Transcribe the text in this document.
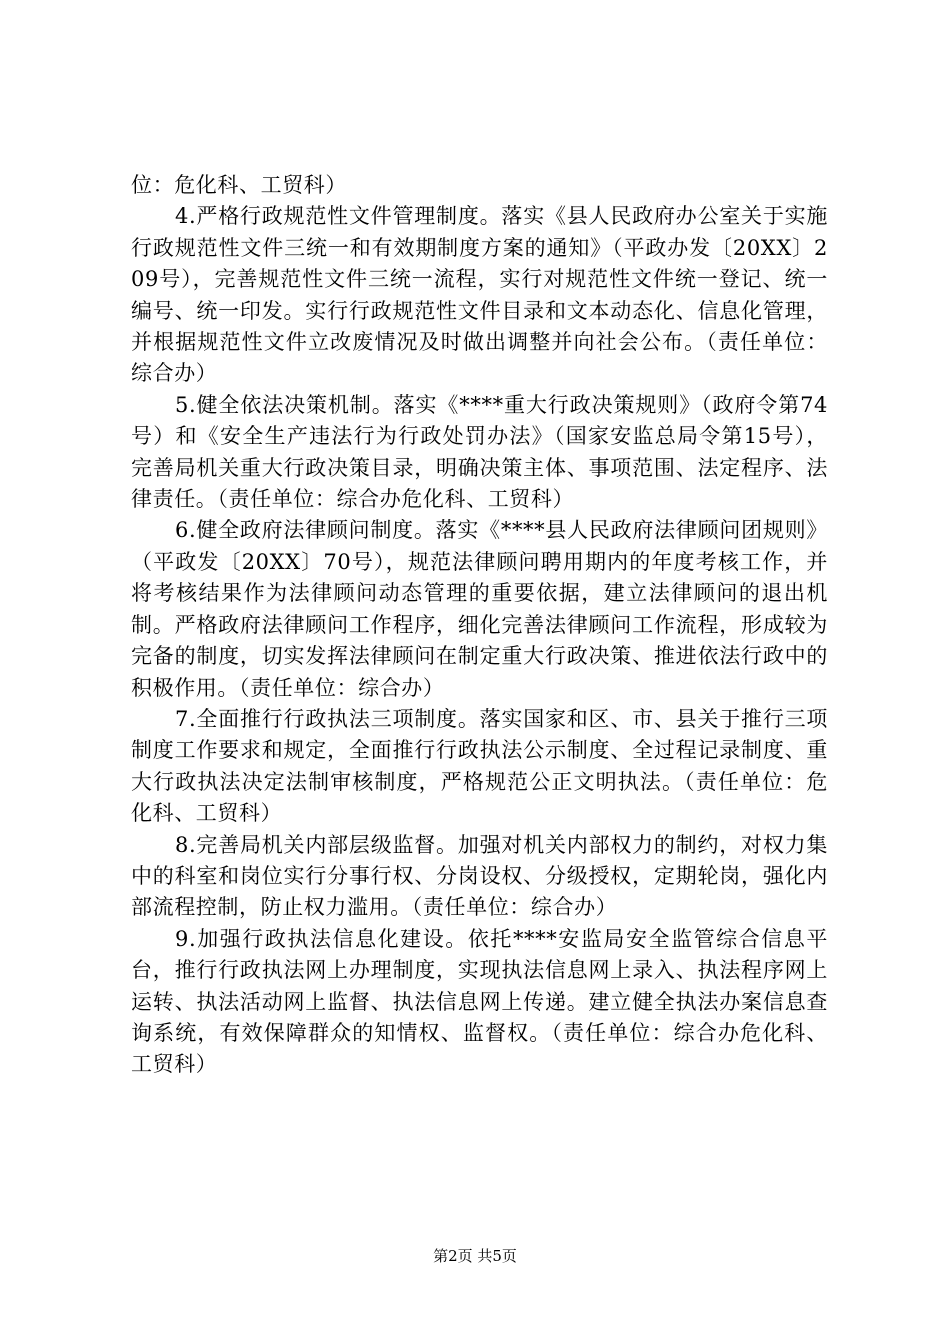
位：危化科、工贸科）

4.严格行政规范性文件管理制度。落实《县人民政府办公室关于实施行政规范性文件三统一和有效期制度方案的通知》（平政办发〔20XX〕209号），完善规范性文件三统一流程，实行对规范性文件统一登记、统一编号、统一印发。实行行政规范性文件目录和文本动态化、信息化管理，并根据规范性文件立改废情况及时做出调整并向社会公布。（责任单位：综合办）

5.健全依法决策机制。落实《****重大行政决策规则》（政府令第74号）和《安全生产违法行为行政处罚办法》（国家安监总局令第15号），完善局机关重大行政决策目录，明确决策主体、事项范围、法定程序、法律责任。（责任单位：综合办危化科、工贸科）

6.健全政府法律顾问制度。落实《****县人民政府法律顾问团规则》（平政发〔20XX〕70号），规范法律顾问聘用期内的年度考核工作，并将考核结果作为法律顾问动态管理的重要依据，建立法律顾问的退出机制。严格政府法律顾问工作程序，细化完善法律顾问工作流程，形成较为完备的制度，切实发挥法律顾问在制定重大行政决策、推进依法行政中的积极作用。（责任单位：综合办）

7.全面推行行政执法三项制度。落实国家和区、市、县关于推行三项制度工作要求和规定，全面推行行政执法公示制度、全过程记录制度、重大行政执法决定法制审核制度，严格规范公正文明执法。（责任单位：危化科、工贸科）

8.完善局机关内部层级监督。加强对机关内部权力的制约，对权力集中的科室和岗位实行分事行权、分岗设权、分级授权，定期轮岗，强化内部流程控制，防止权力滥用。（责任单位：综合办）

9.加强行政执法信息化建设。依托****安监局安全监管综合信息平台，推行行政执法网上办理制度，实现执法信息网上录入、执法程序网上运转、执法活动网上监督、执法信息网上传递。建立健全执法办案信息查询系统，有效保障群众的知情权、监督权。（责任单位：综合办危化科、工贸科）

第2页 共5页
